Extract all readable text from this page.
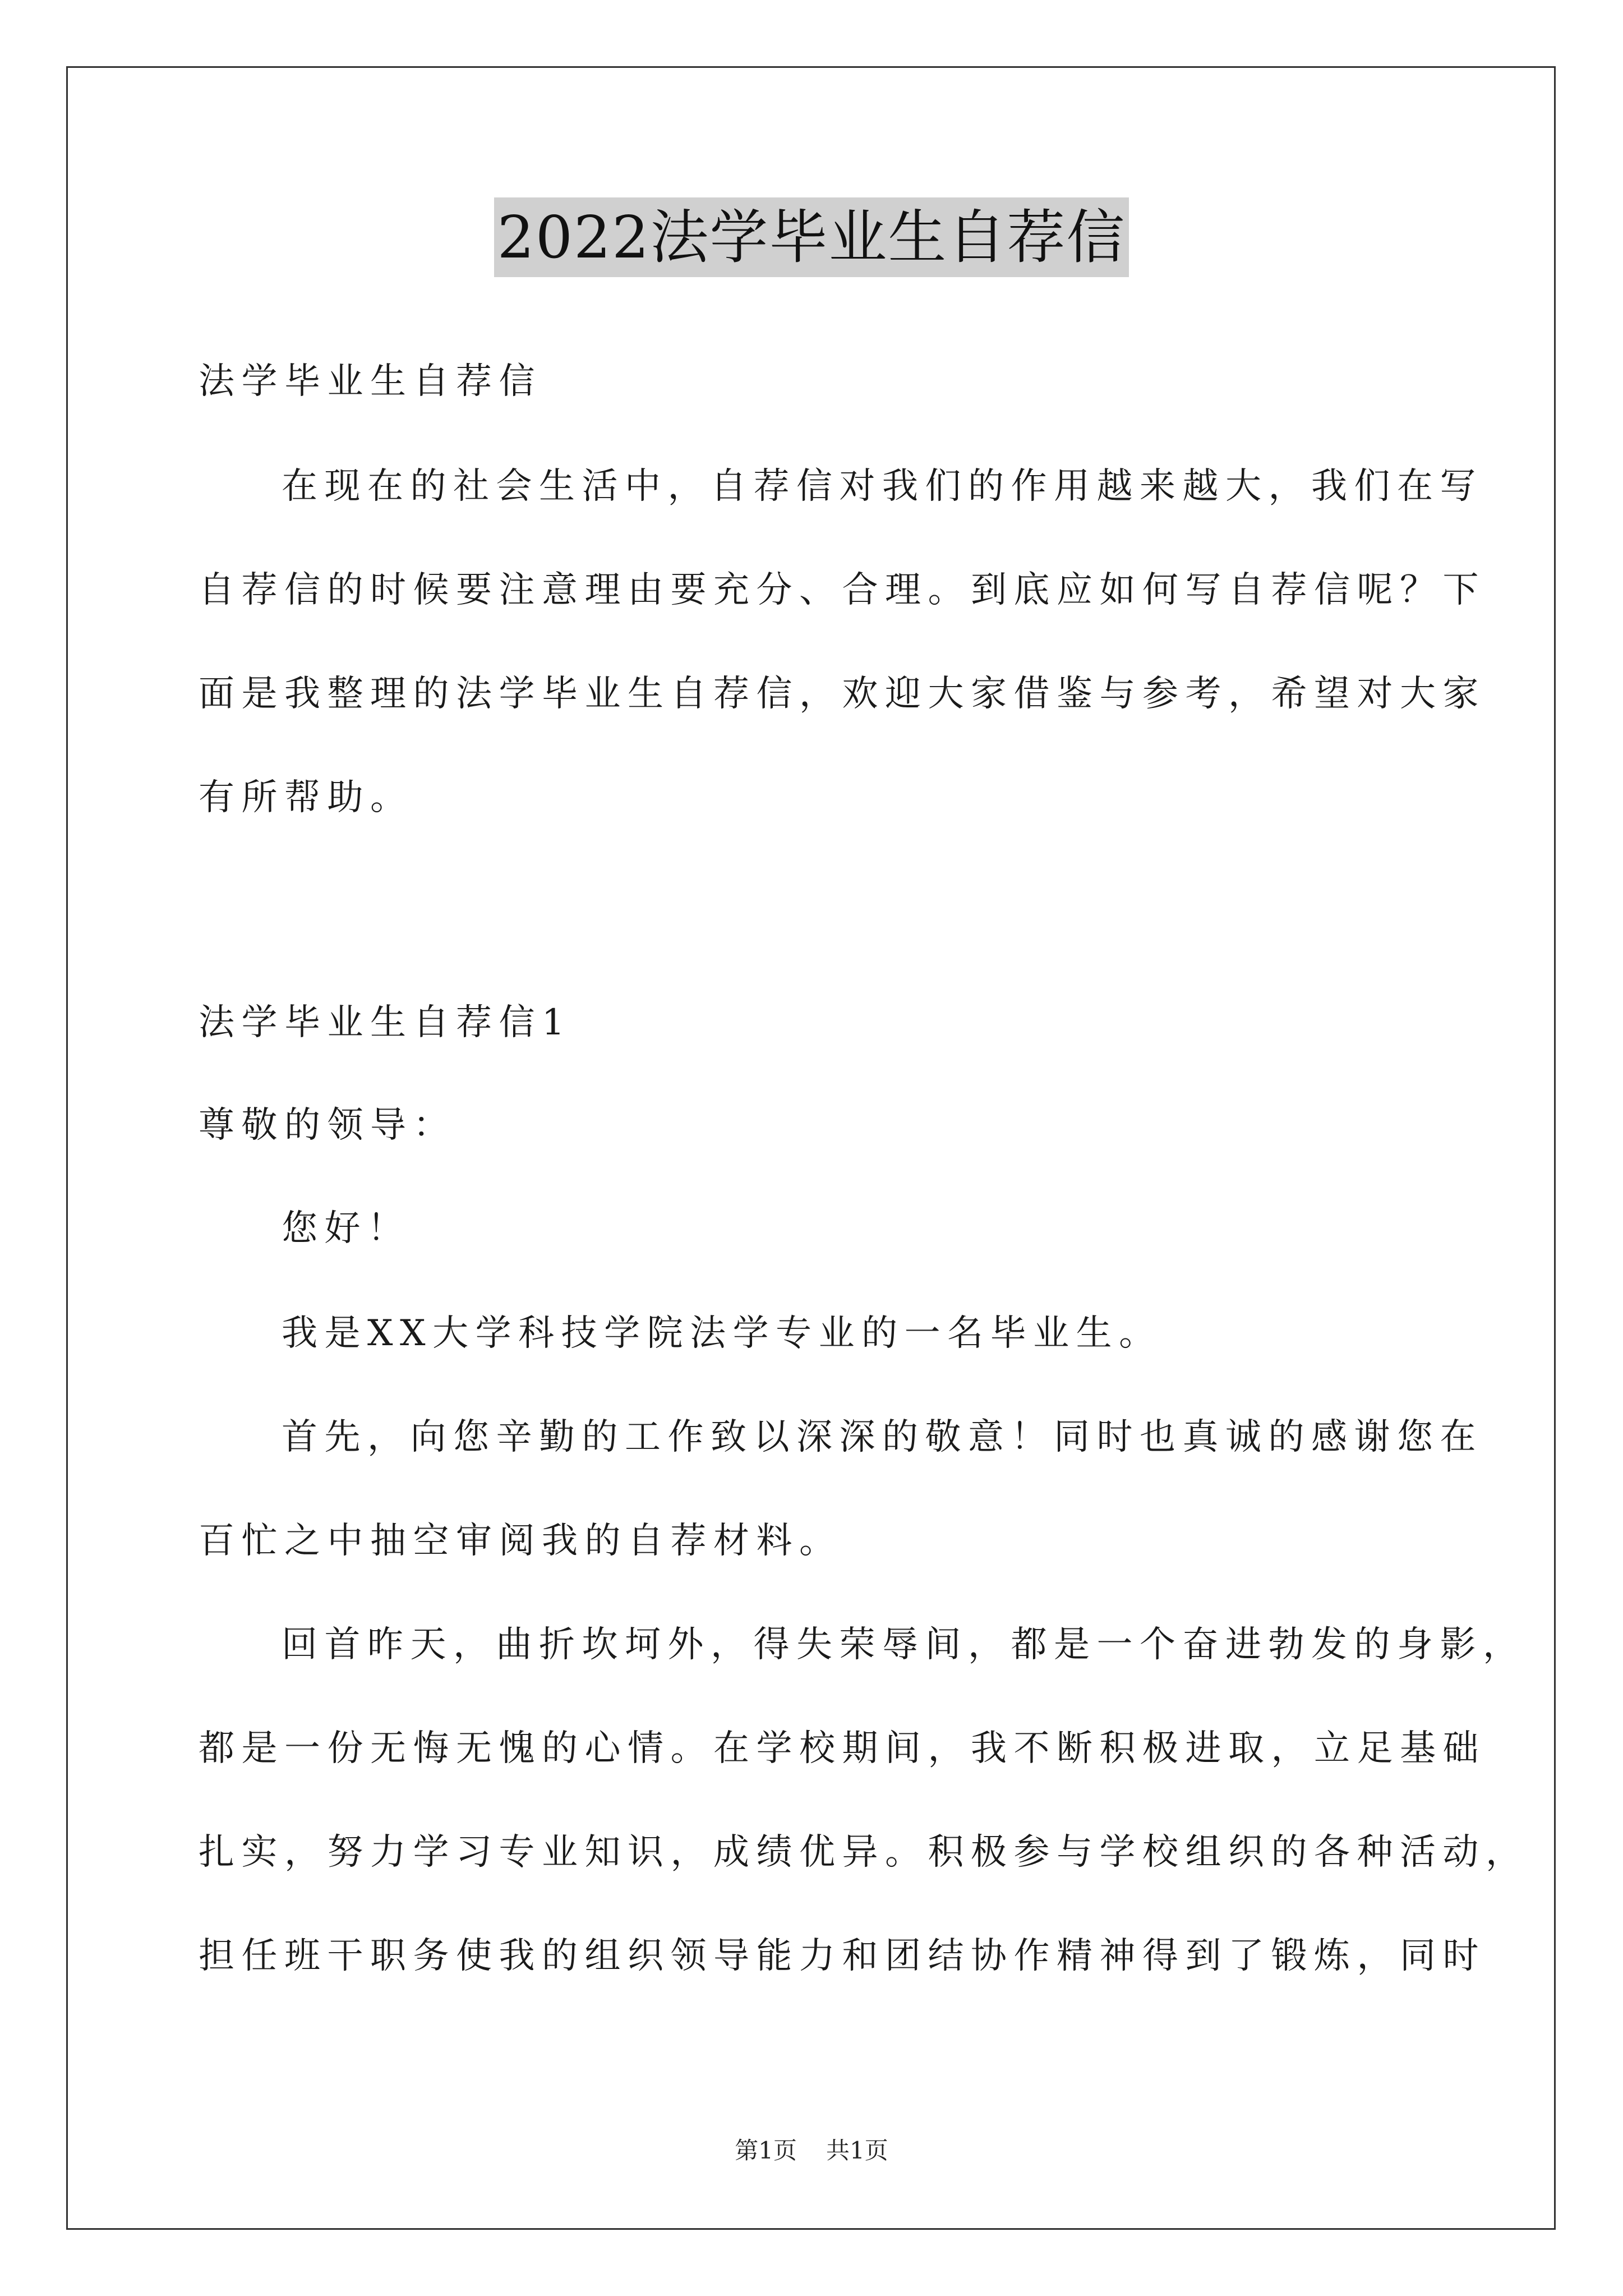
2022法学毕业生自荐信
法学毕业生自荐信
在现在的社会生活中，自荐信对我们的作用越来越大，我们在写
自荐信的时候要注意理由要充分、合理。到底应如何写自荐信呢？下
面是我整理的法学毕业生自荐信，欢迎大家借鉴与参考，希望对大家
有所帮助。
法学毕业生自荐信1
尊敬的领导：
您好！
我是XX大学科技学院法学专业的一名毕业生。
首先，向您辛勤的工作致以深深的敬意！同时也真诚的感谢您在
百忙之中抽空审阅我的自荐材料。
回首昨天，曲折坎坷外，得失荣辱间，都是一个奋进勃发的身影，
都是一份无悔无愧的心情。在学校期间，我不断积极进取，立足基础
扎实，努力学习专业知识，成绩优异。积极参与学校组织的各种活动，
担任班干职务使我的组织领导能力和团结协作精神得到了锻炼，同时
第1页 共1页
